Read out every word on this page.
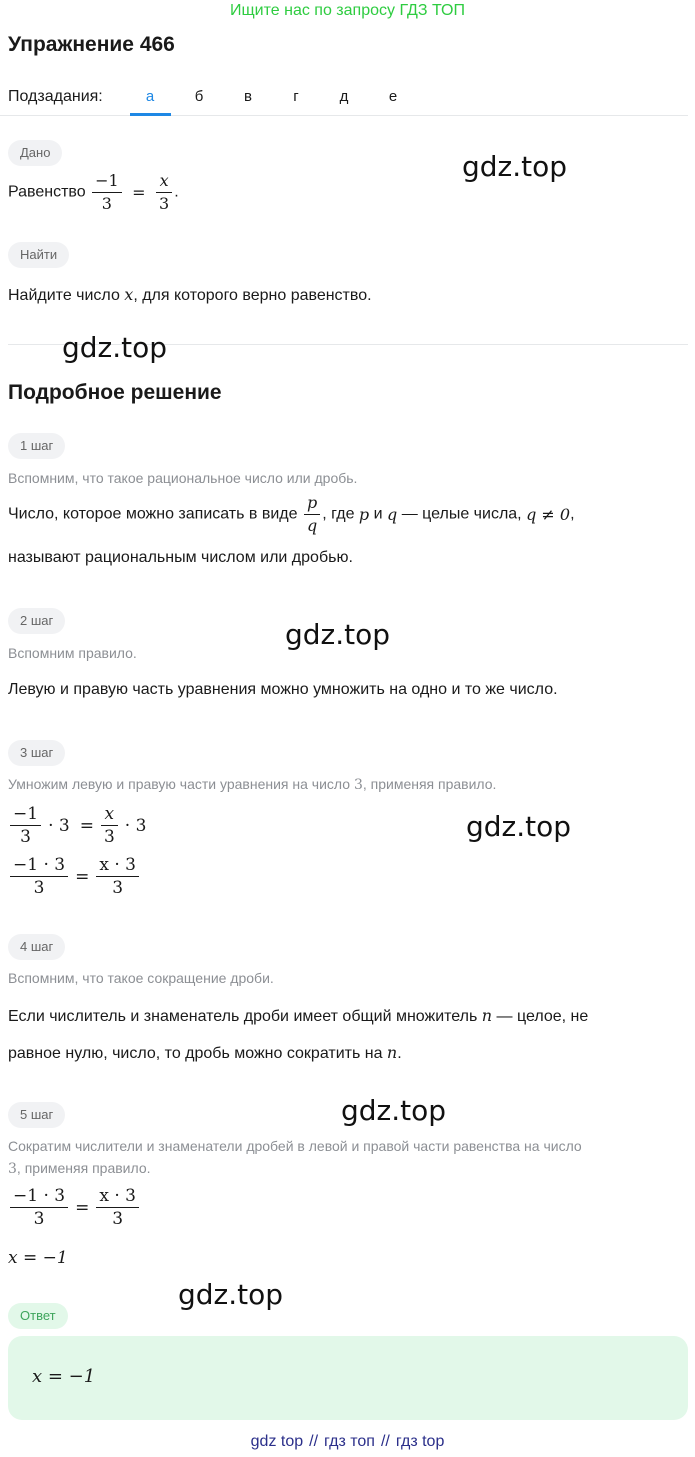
Ищите нас по запросу ГДЗ ТОП
Упражнение 466
Подзадания:	а	б	в	г	д	е
Дано
Равенство $\frac{-1}{3} = \frac{x}{3}$ .
Найти
Найдите число x, для которого верно равенство.
gdz.top
gdz.top
Подробное решение
1 шаг
Вспомним, что такое рациональное число или дробь.
Число, которое можно записать в виде $\frac{p}{q}$ , где p и q — целые числа, q ≠ 0,
называют рациональным числом или дробью.
2 шаг	gdz.top
Вспомним правило.
Левую и правую часть уравнения можно умножить на одно и то же число.
3 шаг
Умножим левую и правую части уравнения на число 3, применяя правило.
$\frac{-1}{3} \cdot 3 = \frac{x}{3} \cdot 3$
$\frac{-1 \cdot 3}{3} = \frac{x \cdot 3}{3}$
gdz.top
4 шаг
Вспомним, что такое сокращение дроби.
Если числитель и знаменатель дроби имеет общий множитель n — целое, не
равное нулю, число, то дробь можно сократить на n.
5 шаг	gdz.top
Сократим числители и знаменатели дробей в левой и правой части равенства на число
3, применяя правило.
$\frac{-1 \cdot 3}{3} = \frac{x \cdot 3}{3}$
x = −1
gdz.top
Ответ
x = −1
gdz top // гдз топ // гдз top
